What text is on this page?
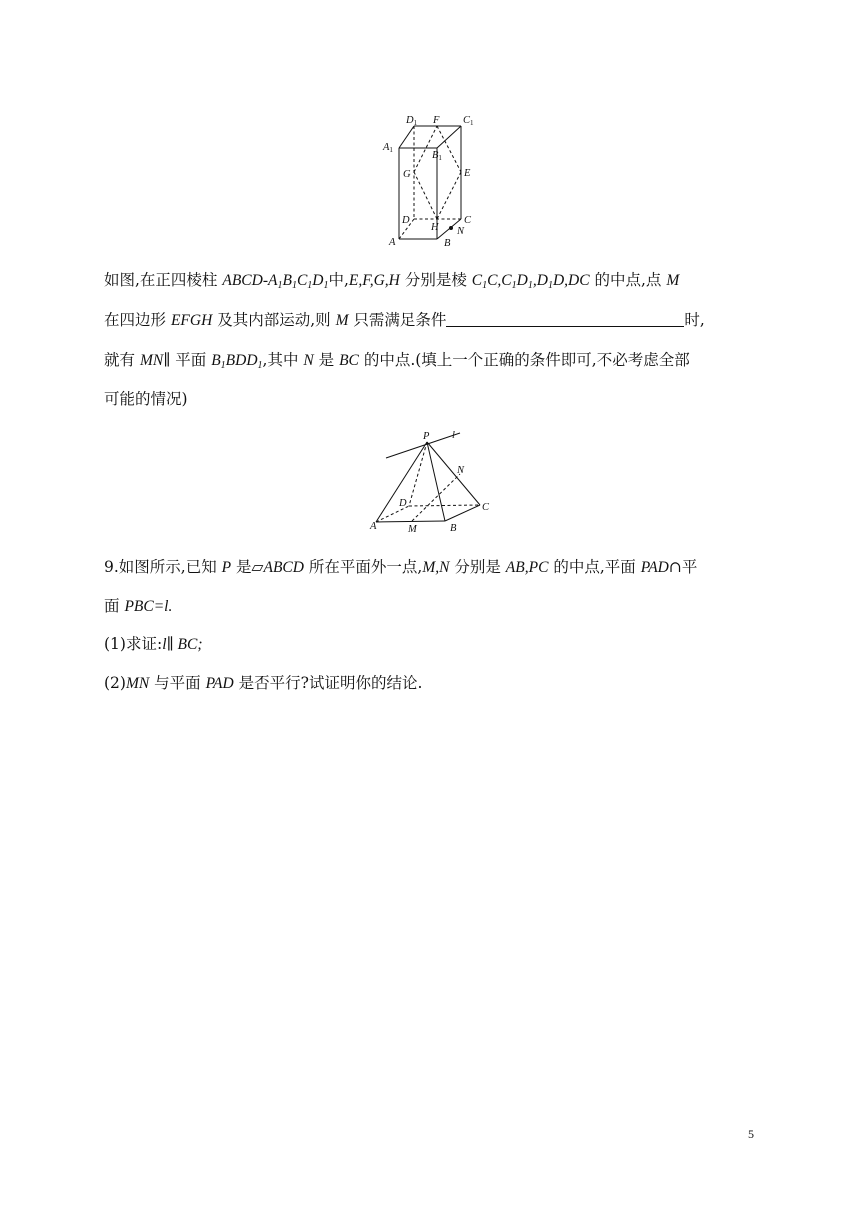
D1 F C1
A1	B1
G	E
D	C
H N
A	B

如图,在正四棱柱 ABCD-A1B1C1D1中,E,F,G,H 分别是棱 C1C,C1D1,D1D,DC 的中点,点 M

在四边形 EFGH 及其内部运动,则 M 只需满足条件	时,

就有 MN∥ 平面 B1BDD1,其中 N 是 BC 的中点.(填上一个正确的条件即可,不必考虑全部

可能的情况)

P l
N
D	C
A	M	B

9.如图所示,已知 P 是▱ABCD 所在平面外一点,M,N 分别是 AB,PC 的中点,平面 PAD∩平

面 PBC=l.

(1)求证:l∥ BC;

(2)MN 与平面 PAD 是否平行?试证明你的结论.

5
